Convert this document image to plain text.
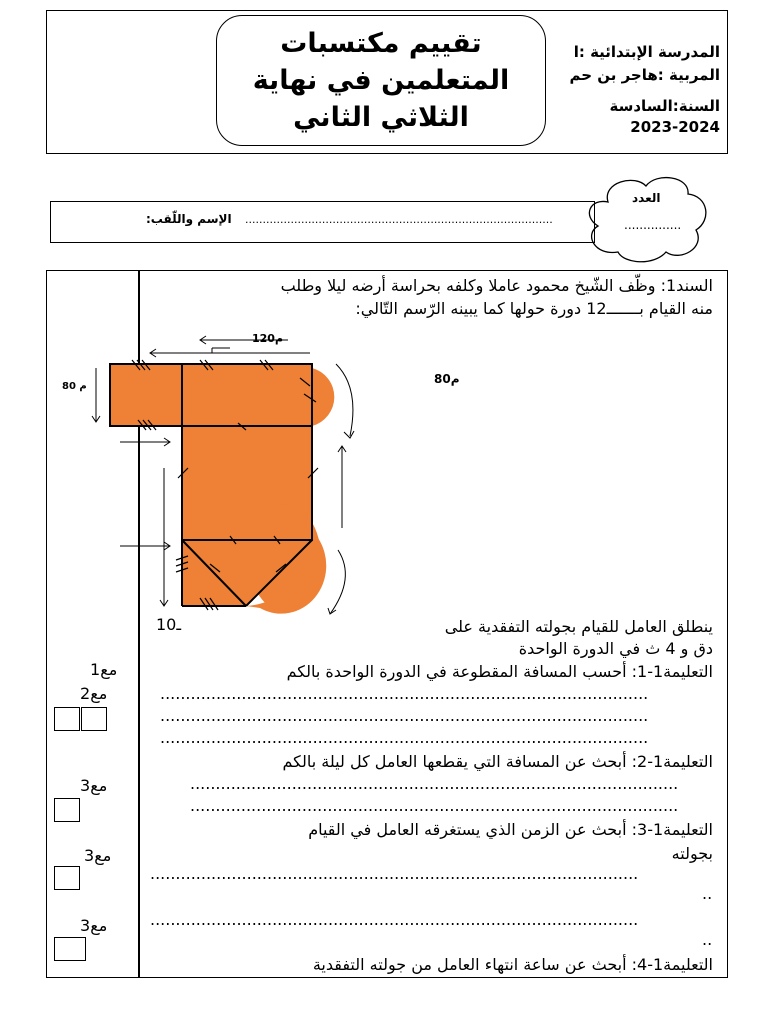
المدرسة الإبتدائية :ا
المربية :هاجر بن حم
السنة:السادسة
2023-2024
تقييم مكتسبات المتعلمين في نهاية الثلاثي الثاني
العدد
...............
........................................................................................
الإسم واللّقب:
السند1: وظّف الشّيخ محمود عاملا وكلفه بحراسة أرضه ليلا وطلب
منه القيام بـــــــ12 دورة حولها كما يبينه الرّسم التّالي:
120م
80 م
80م
ينطلق العامل للقيام بجولته التفقدية على
ـ10
دق و 4 ث في الدورة الواحدة
التعليمة1-1: أحسب المسافة المقطوعة في الدورة الواحدة بالكم
................................................................................................
................................................................................................
................................................................................................
التعليمة1-2: أبحث عن المسافة التي يقطعها العامل كل ليلة بالكم
................................................................................................
................................................................................................
التعليمة1-3: أبحث عن الزمن الذي يستغرقه العامل في القيام
بجولته
................................................................................................
..
................................................................................................
..
التعليمة1-4: أبحث عن ساعة انتهاء العامل من جولته التفقدية
مع1
مع2
مع3
مع3
مع3
